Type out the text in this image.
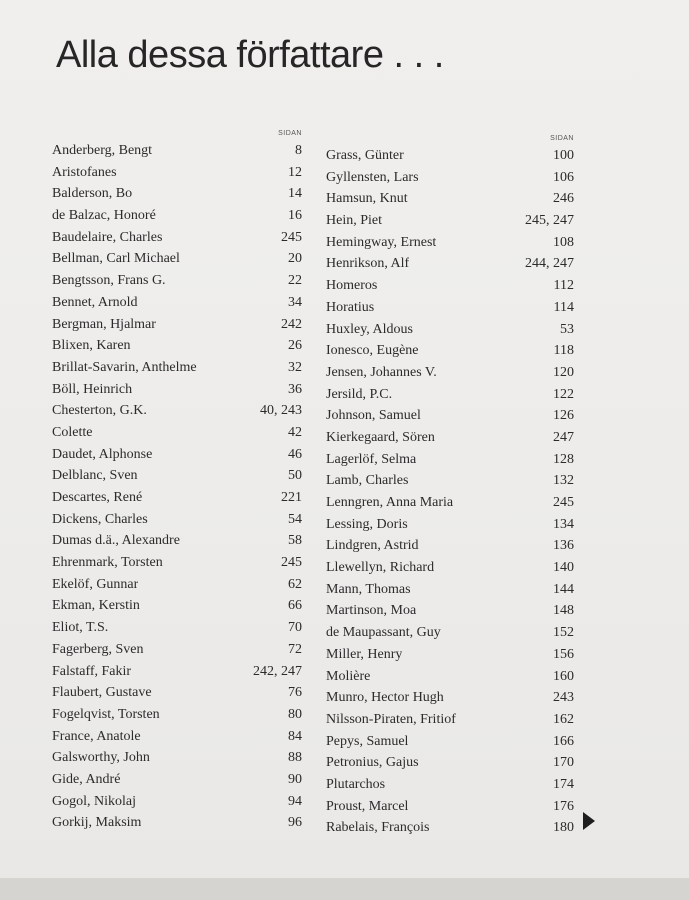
Alla dessa författare . . .
SIDAN
Anderberg, Bengt	8
Aristofanes	12
Balderson, Bo	14
de Balzac, Honoré	16
Baudelaire, Charles	245
Bellman, Carl Michael	20
Bengtsson, Frans G.	22
Bennet, Arnold	34
Bergman, Hjalmar	242
Blixen, Karen	26
Brillat-Savarin, Anthelme	32
Böll, Heinrich	36
Chesterton, G.K.	40, 243
Colette	42
Daudet, Alphonse	46
Delblanc, Sven	50
Descartes, René	221
Dickens, Charles	54
Dumas d.ä., Alexandre	58
Ehrenmark, Torsten	245
Ekelöf, Gunnar	62
Ekman, Kerstin	66
Eliot, T.S.	70
Fagerberg, Sven	72
Falstaff, Fakir	242, 247
Flaubert, Gustave	76
Fogelqvist, Torsten	80
France, Anatole	84
Galsworthy, John	88
Gide, André	90
Gogol, Nikolaj	94
Gorkij, Maksim	96
SIDAN
Grass, Günter	100
Gyllensten, Lars	106
Hamsun, Knut	246
Hein, Piet	245, 247
Hemingway, Ernest	108
Henrikson, Alf	244, 247
Homeros	112
Horatius	114
Huxley, Aldous	53
Ionesco, Eugène	118
Jensen, Johannes V.	120
Jersild, P.C.	122
Johnson, Samuel	126
Kierkegaard, Sören	247
Lagerlöf, Selma	128
Lamb, Charles	132
Lenngren, Anna Maria	245
Lessing, Doris	134
Lindgren, Astrid	136
Llewellyn, Richard	140
Mann, Thomas	144
Martinson, Moa	148
de Maupassant, Guy	152
Miller, Henry	156
Molière	160
Munro, Hector Hugh	243
Nilsson-Piraten, Fritiof	162
Pepys, Samuel	166
Petronius, Gajus	170
Plutarchos	174
Proust, Marcel	176
Rabelais, François	180
